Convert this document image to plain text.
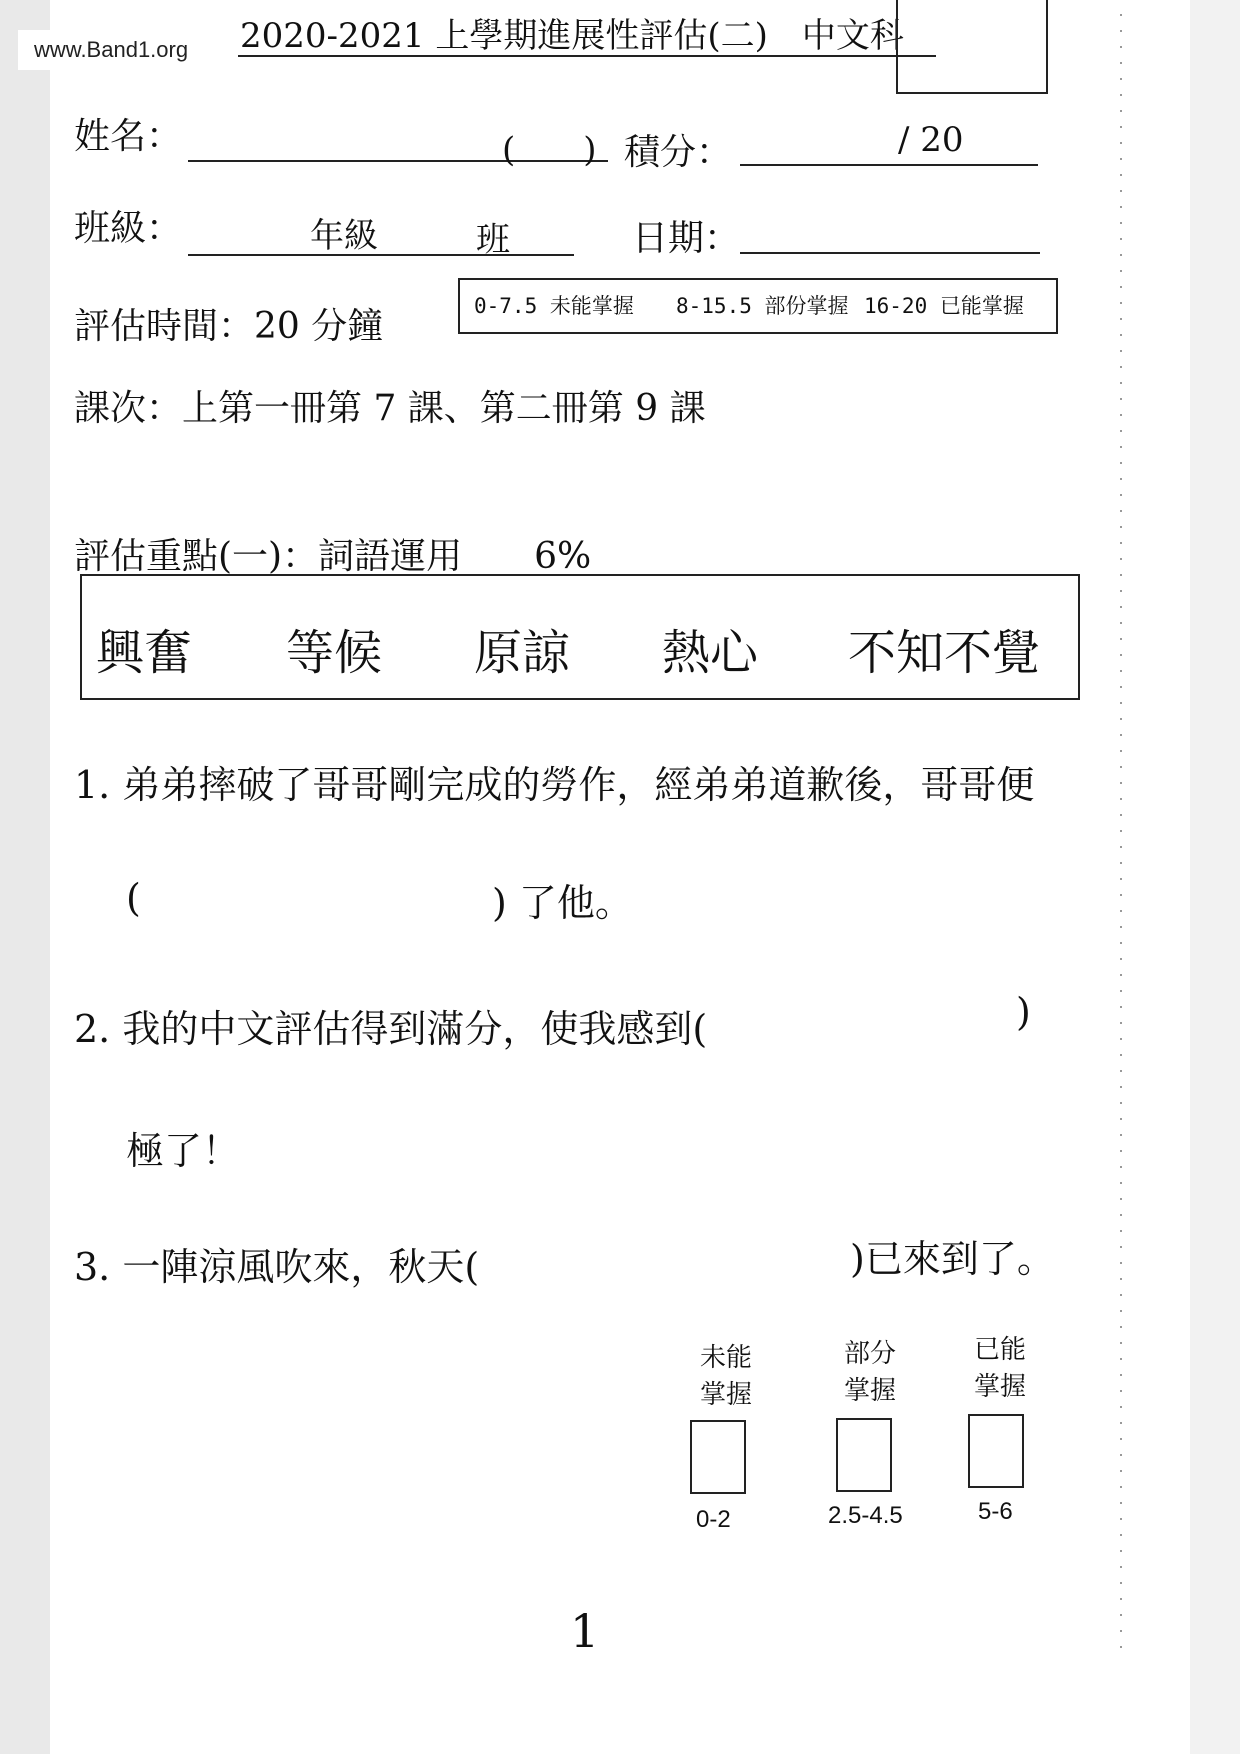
2020-2021 上學期進展性評估(二)　中文科
姓名：	(　　) 積分：	/ 20
班級：	年級	班	日期：
評估時間：20 分鐘	0-7.5 未能掌握 8-15.5 部份掌握 16-20 已能掌握
課次：上第一冊第 7 課、第二冊第 9 課
評估重點(一)：詞語運用　　6%
興奮 等候 原諒 熱心 不知不覺
1. 弟弟摔破了哥哥剛完成的勞作，經弟弟道歉後，哥哥便
(	) 了他。
2. 我的中文評估得到滿分，使我感到(	)
極了！
3. 一陣涼風吹來，秋天(	)已來到了。
未能
掌握
0-2
部分
掌握
2.5-4.5
已能
掌握
5-6
1
www.Band1.org
